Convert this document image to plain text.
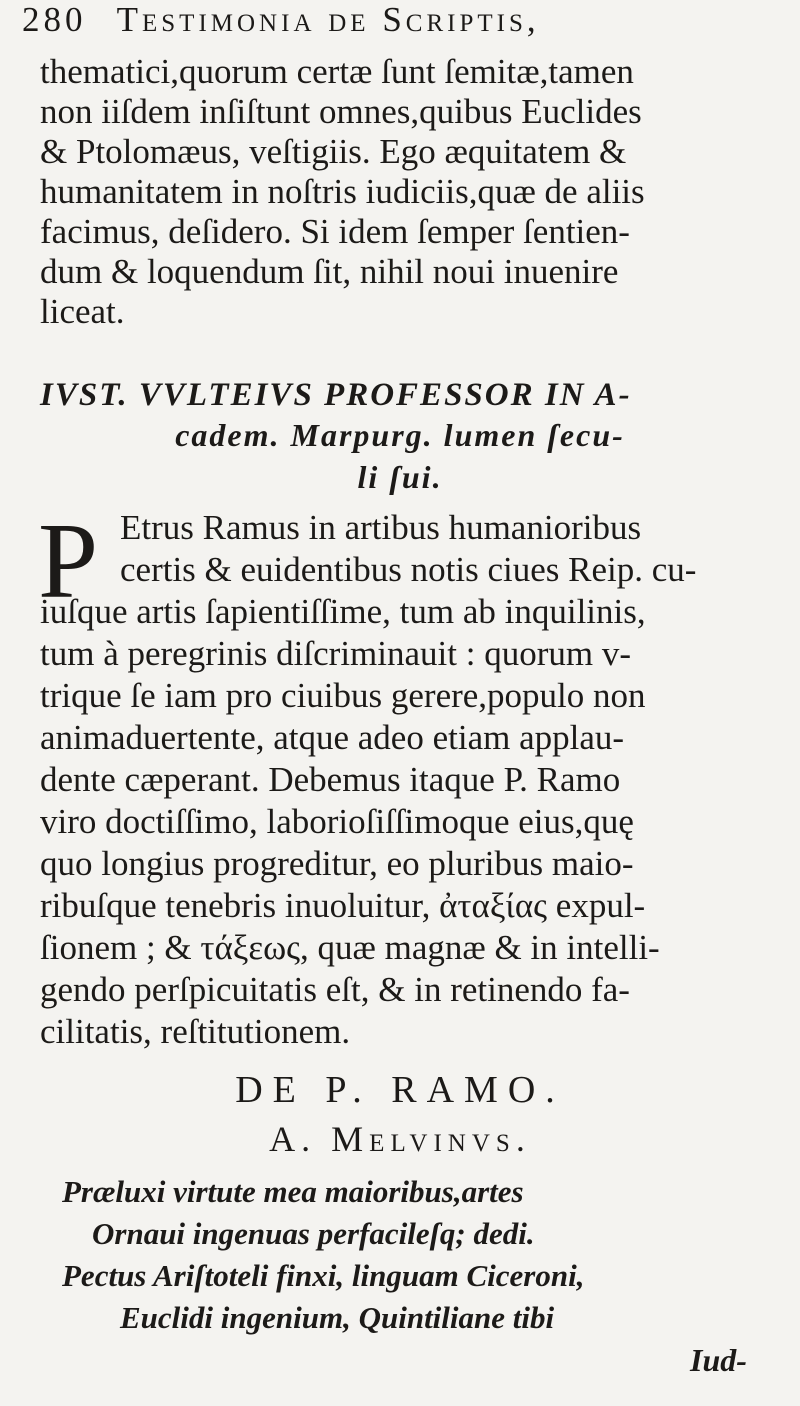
280 Testimonia de Scriptis,
thematici,quorum certæ ſunt ſemitæ,tamen
non iiſdem inſiſtunt omnes,quibus Euclides
& Ptolomæus, veſtigiis. Ego æquitatem &
humanitatem in noſtris iudiciis,quæ de aliis
facimus, deſidero. Si idem ſemper ſentien-
dum & loquendum ſit, nihil noui inuenire
liceat.
IVST. VVLTEIVS PROFESSOR IN A-
cadem. Marpurg. lumen ſecu-
li ſui.
P Etrus Ramus in artibus humanioribus
certis & euidentibus notis ciues Reip. cu-
iuſque artis ſapientiſſime, tum ab inquilinis,
tum à peregrinis diſcriminauit : quorum v-
trique ſe iam pro ciuibus gerere,populo non
animaduertente, atque adeo etiam applau-
dente cæperant. Debemus itaque P. Ramo
viro doctiſſimo, laborioſiſſimoque eius,quę
quo longius progreditur, eo pluribus maio-
ribuſque tenebris inuoluitur, ἀταξίας expul-
ſionem ; & τάξεως, quæ magnæ & in intelli-
gendo perſpicuitatis eſt, & in retinendo fa-
cilitatis, reſtitutionem.
DE P. RAMO.
A. Melvinvs.
Præluxi virtute mea maioribus,artes
Ornaui ingenuas perfacileſq; dedi.
Pectus Ariſtoteli finxi, linguam Ciceroni,
Euclidi ingenium, Quintiliane tibi
Iud-
